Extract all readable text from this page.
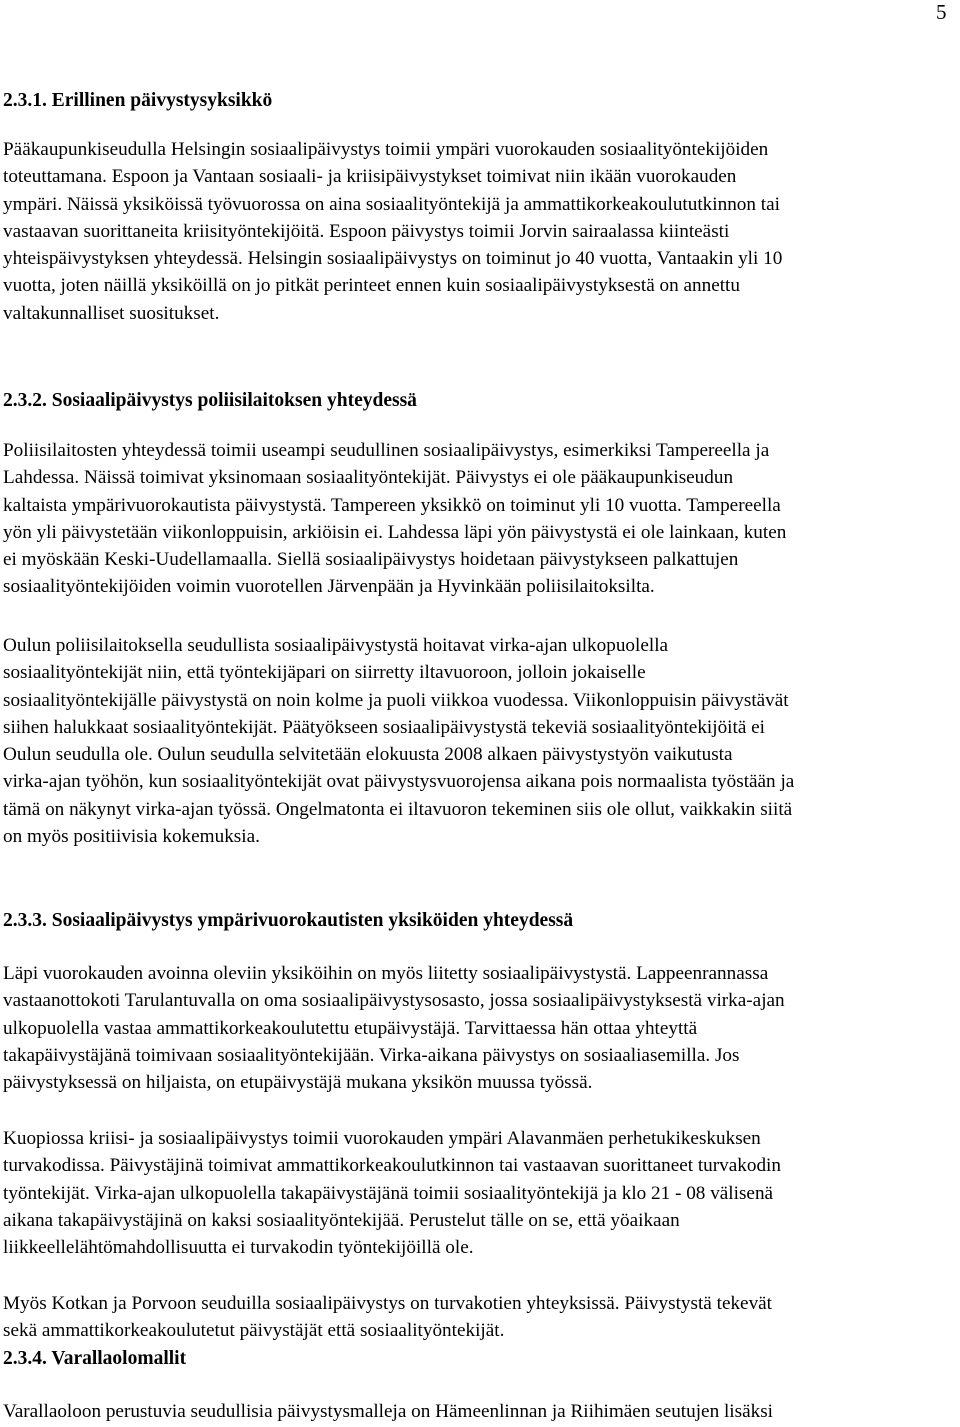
5
2.3.1. Erillinen päivystysyksikkö
Pääkaupunkiseudulla Helsingin sosiaalipäivystys toimii ympäri vuorokauden sosiaalityöntekijöiden
toteuttamana. Espoon ja Vantaan sosiaali- ja kriisipäivystykset toimivat niin ikään vuorokauden
ympäri. Näissä yksiköissä työvuorossa on aina sosiaalityöntekijä ja ammattikorkeakoulututkinnon tai
vastaavan suorittaneita kriisityöntekijöitä. Espoon päivystys toimii Jorvin sairaalassa kiinteästi
yhteispäivystyksen yhteydessä. Helsingin sosiaalipäivystys on toiminut jo 40 vuotta, Vantaakin yli 10
vuotta, joten näillä yksiköillä on jo pitkät perinteet ennen kuin sosiaalipäivystyksestä on annettu
valtakunnalliset suositukset.
2.3.2. Sosiaalipäivystys poliisilaitoksen yhteydessä
Poliisilaitosten yhteydessä toimii useampi seudullinen sosiaalipäivystys, esimerkiksi Tampereella ja
Lahdessa. Näissä toimivat yksinomaan sosiaalityöntekijät. Päivystys ei ole pääkaupunkiseudun
kaltaista ympärivuorokautista päivystystä. Tampereen yksikkö on toiminut yli 10 vuotta. Tampereella
yön yli päivystetään viikonloppuisin, arkiöisin ei. Lahdessa läpi yön päivystystä ei ole lainkaan, kuten
ei myöskään Keski-Uudellamaalla. Siellä sosiaalipäivystys hoidetaan päivystykseen palkattujen
sosiaalityöntekijöiden voimin vuorotellen Järvenpään ja Hyvinkään poliisilaitoksilta.
Oulun poliisilaitoksella seudullista sosiaalipäivystystä hoitavat virka-ajan ulkopuolella
sosiaalityöntekijät niin, että työntekijäpari on siirretty iltavuoroon, jolloin jokaiselle
sosiaalityöntekijälle päivystystä on noin kolme ja puoli viikkoa vuodessa. Viikonloppuisin päivystävät
siihen halukkaat sosiaalityöntekijät. Päätyökseen sosiaalipäivystystä tekeviä sosiaalityöntekijöitä ei
Oulun seudulla ole. Oulun seudulla selvitetään elokuusta 2008 alkaen päivystystyön vaikutusta
virka-ajan työhön, kun sosiaalityöntekijät ovat päivystysvuorojensa aikana pois normaalista työstään ja
tämä on näkynyt virka-ajan työssä. Ongelmatonta ei iltavuoron tekeminen siis ole ollut, vaikkakin siitä
on myös positiivisia kokemuksia.
2.3.3. Sosiaalipäivystys ympärivuorokautisten yksiköiden yhteydessä
Läpi vuorokauden avoinna oleviin yksiköihin on myös liitetty sosiaalipäivystystä. Lappeenrannassa
vastaanottokoti Tarulantuvalla on oma sosiaalipäivystysosasto, jossa sosiaalipäivystyksestä virka-ajan
ulkopuolella vastaa ammattikorkeakoulutettu etupäivystäjä. Tarvittaessa hän ottaa yhteyttä
takapäivystäjänä toimivaan sosiaalityöntekijään. Virka-aikana päivystys on sosiaaliasemilla. Jos
päivystyksessä on hiljaista, on etupäivystäjä mukana yksikön muussa työssä.
Kuopiossa kriisi- ja sosiaalipäivystys toimii vuorokauden ympäri Alavanmäen perhetukikeskuksen
turvakodissa. Päivystäjinä toimivat ammattikorkeakoulutkinnon tai vastaavan suorittaneet turvakodin
työntekijät. Virka-ajan ulkopuolella takapäivystäjänä toimii sosiaalityöntekijä ja klo 21 - 08 välisenä
aikana takapäivystäjinä on kaksi sosiaalityöntekijää. Perustelut tälle on se, että yöaikaan
liikkeellelähtömahdollisuutta ei turvakodin työntekijöillä ole.
Myös Kotkan ja Porvoon seuduilla sosiaalipäivystys on turvakotien yhteyksissä. Päivystystä tekevät
sekä ammattikorkeakoulutetut päivystäjät että sosiaalityöntekijät.
2.3.4. Varallaolomallit
Varallaoloon perustuvia seudullisia päivystysmalleja on Hämeenlinnan ja Riihimäen seutujen lisäksi
